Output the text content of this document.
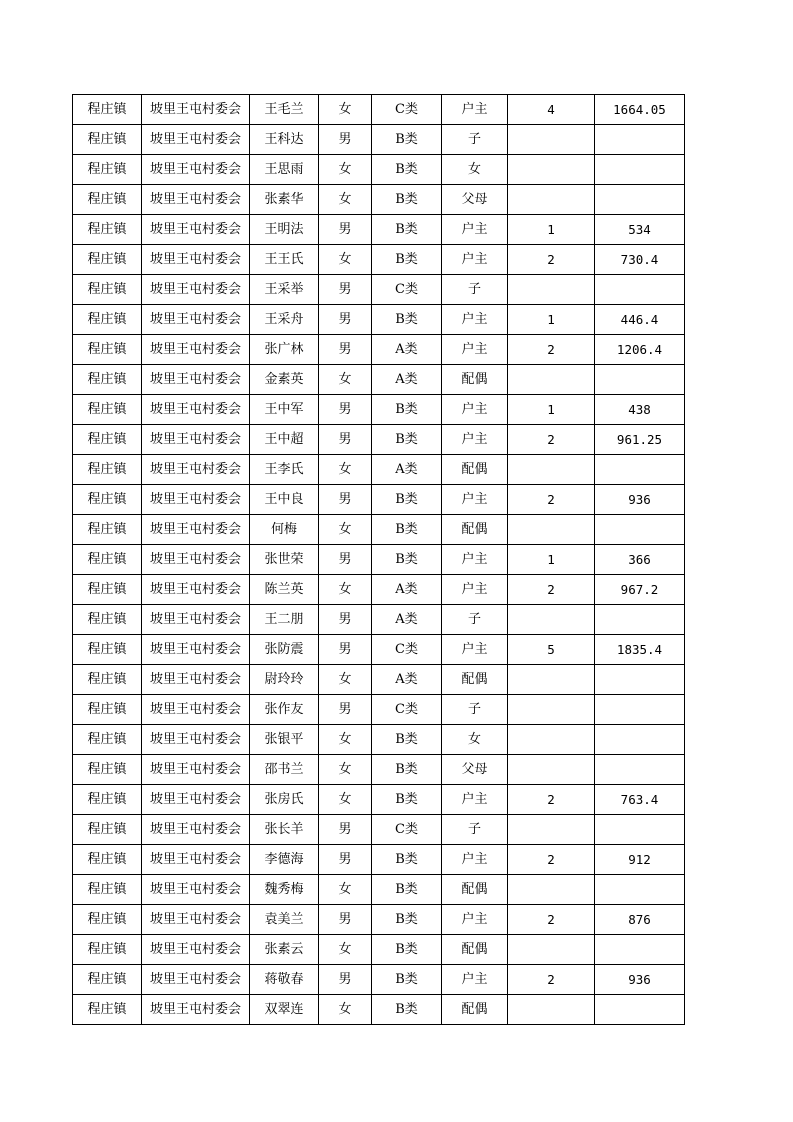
程庄镇	坡里王屯村委会	王毛兰	女	C类	户主	4	1664.05
程庄镇	坡里王屯村委会	王科达	男	B类	子		
程庄镇	坡里王屯村委会	王思雨	女	B类	女		
程庄镇	坡里王屯村委会	张素华	女	B类	父母		
程庄镇	坡里王屯村委会	王明法	男	B类	户主	1	534
程庄镇	坡里王屯村委会	王王氏	女	B类	户主	2	730.4
程庄镇	坡里王屯村委会	王采举	男	C类	子		
程庄镇	坡里王屯村委会	王采舟	男	B类	户主	1	446.4
程庄镇	坡里王屯村委会	张广林	男	A类	户主	2	1206.4
程庄镇	坡里王屯村委会	金素英	女	A类	配偶		
程庄镇	坡里王屯村委会	王中军	男	B类	户主	1	438
程庄镇	坡里王屯村委会	王中超	男	B类	户主	2	961.25
程庄镇	坡里王屯村委会	王李氏	女	A类	配偶		
程庄镇	坡里王屯村委会	王中良	男	B类	户主	2	936
程庄镇	坡里王屯村委会	何梅	女	B类	配偶		
程庄镇	坡里王屯村委会	张世荣	男	B类	户主	1	366
程庄镇	坡里王屯村委会	陈兰英	女	A类	户主	2	967.2
程庄镇	坡里王屯村委会	王二朋	男	A类	子		
程庄镇	坡里王屯村委会	张防震	男	C类	户主	5	1835.4
程庄镇	坡里王屯村委会	尉玲玲	女	A类	配偶		
程庄镇	坡里王屯村委会	张作友	男	C类	子		
程庄镇	坡里王屯村委会	张银平	女	B类	女		
程庄镇	坡里王屯村委会	邵书兰	女	B类	父母		
程庄镇	坡里王屯村委会	张房氏	女	B类	户主	2	763.4
程庄镇	坡里王屯村委会	张长羊	男	C类	子		
程庄镇	坡里王屯村委会	李德海	男	B类	户主	2	912
程庄镇	坡里王屯村委会	魏秀梅	女	B类	配偶		
程庄镇	坡里王屯村委会	袁美兰	男	B类	户主	2	876
程庄镇	坡里王屯村委会	张素云	女	B类	配偶		
程庄镇	坡里王屯村委会	蒋敬春	男	B类	户主	2	936
程庄镇	坡里王屯村委会	双翠连	女	B类	配偶		
